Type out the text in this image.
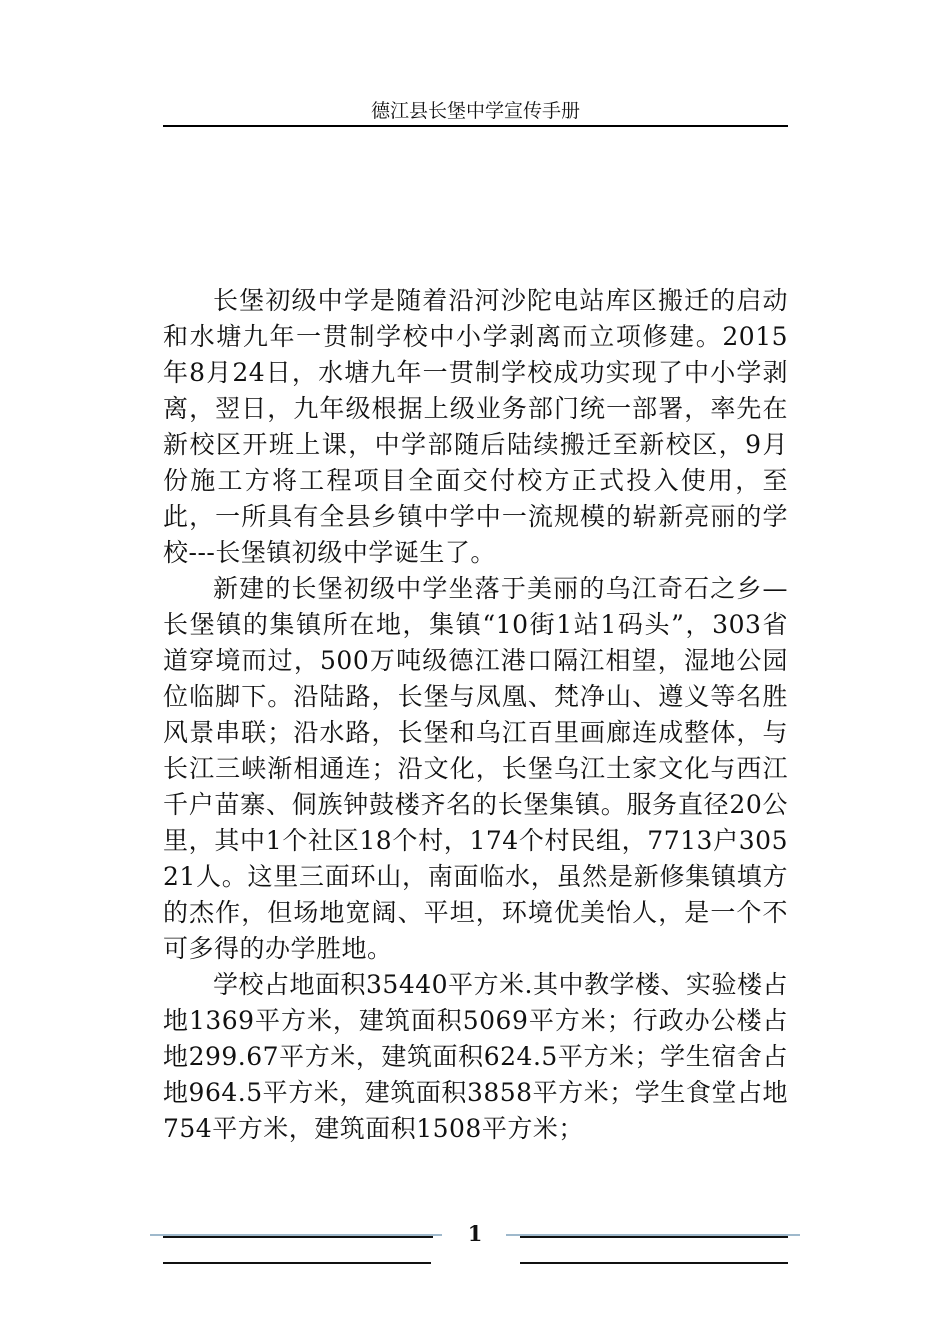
德江县长堡中学宣传手册

长堡初级中学是随着沿河沙陀电站库区搬迁的启动和水塘九年一贯制学校中小学剥离而立项修建。2015年8月24日，水塘九年一贯制学校成功实现了中小学剥离，翌日，九年级根据上级业务部门统一部署，率先在新校区开班上课，中学部随后陆续搬迁至新校区，9月份施工方将工程项目全面交付校方正式投入使用，至此，一所具有全县乡镇中学中一流规模的崭新亮丽的学校---长堡镇初级中学诞生了。

新建的长堡初级中学坐落于美丽的乌江奇石之乡—长堡镇的集镇所在地，集镇“10街1站1码头”，303省道穿境而过，500万吨级德江港口隔江相望，湿地公园位临脚下。沿陆路，长堡与凤凰、梵净山、遵义等名胜风景串联；沿水路，长堡和乌江百里画廊连成整体，与长江三峡渐相通连；沿文化，长堡乌江土家文化与西江千户苗寨、侗族钟鼓楼齐名的长堡集镇。服务直径20公里，其中1个社区18个村，174个村民组，7713户30521人。这里三面环山，南面临水，虽然是新修集镇填方的杰作，但场地宽阔、平坦，环境优美怡人，是一个不可多得的办学胜地。

学校占地面积35440平方米.其中教学楼、实验楼占地1369平方米，建筑面积5069平方米；行政办公楼占地299.67平方米，建筑面积624.5平方米；学生宿舍占地964.5平方米，建筑面积3858平方米；学生食堂占地754平方米，建筑面积1508平方米；

1
